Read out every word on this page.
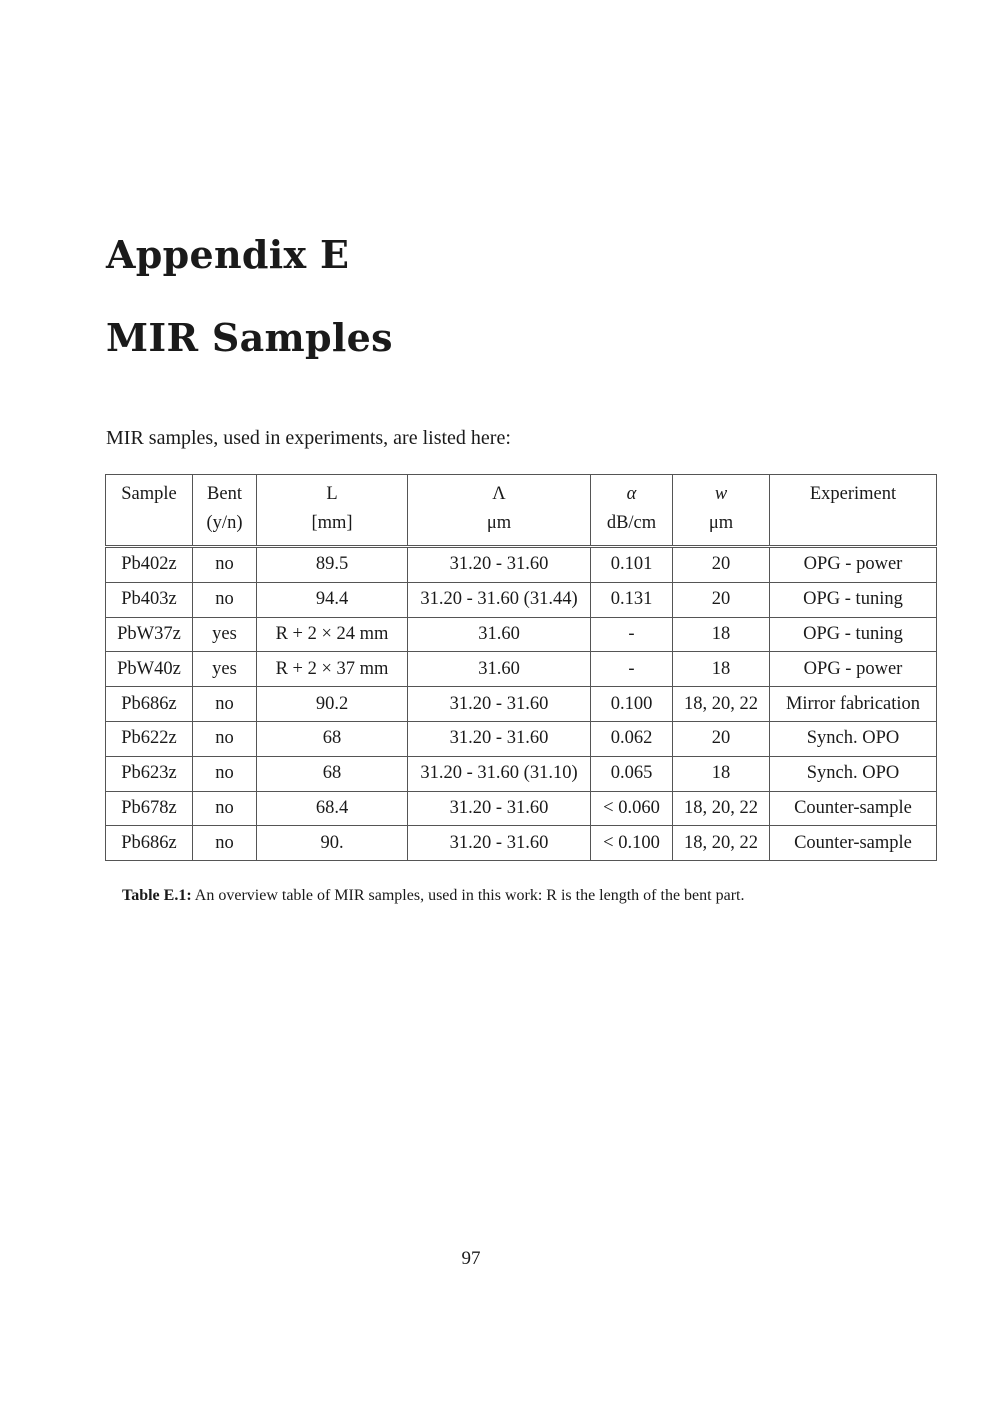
Appendix E
MIR Samples

MIR samples, used in experiments, are listed here:

Sample	Bent	L	Λ	α	w	Experiment
	(y/n)	[mm]	μm	dB/cm	μm	
Pb402z	no	89.5	31.20 - 31.60	0.101	20	OPG - power
Pb403z	no	94.4	31.20 - 31.60 (31.44)	0.131	20	OPG - tuning
PbW37z	yes	R + 2 × 24 mm	31.60	-	18	OPG - tuning
PbW40z	yes	R + 2 × 37 mm	31.60	-	18	OPG - power
Pb686z	no	90.2	31.20 - 31.60	0.100	18, 20, 22	Mirror fabrication
Pb622z	no	68	31.20 - 31.60	0.062	20	Synch. OPO
Pb623z	no	68	31.20 - 31.60 (31.10)	0.065	18	Synch. OPO
Pb678z	no	68.4	31.20 - 31.60	< 0.060	18, 20, 22	Counter-sample
Pb686z	no	90.	31.20 - 31.60	< 0.100	18, 20, 22	Counter-sample

Table E.1: An overview table of MIR samples, used in this work: R is the length of the bent part.

97
